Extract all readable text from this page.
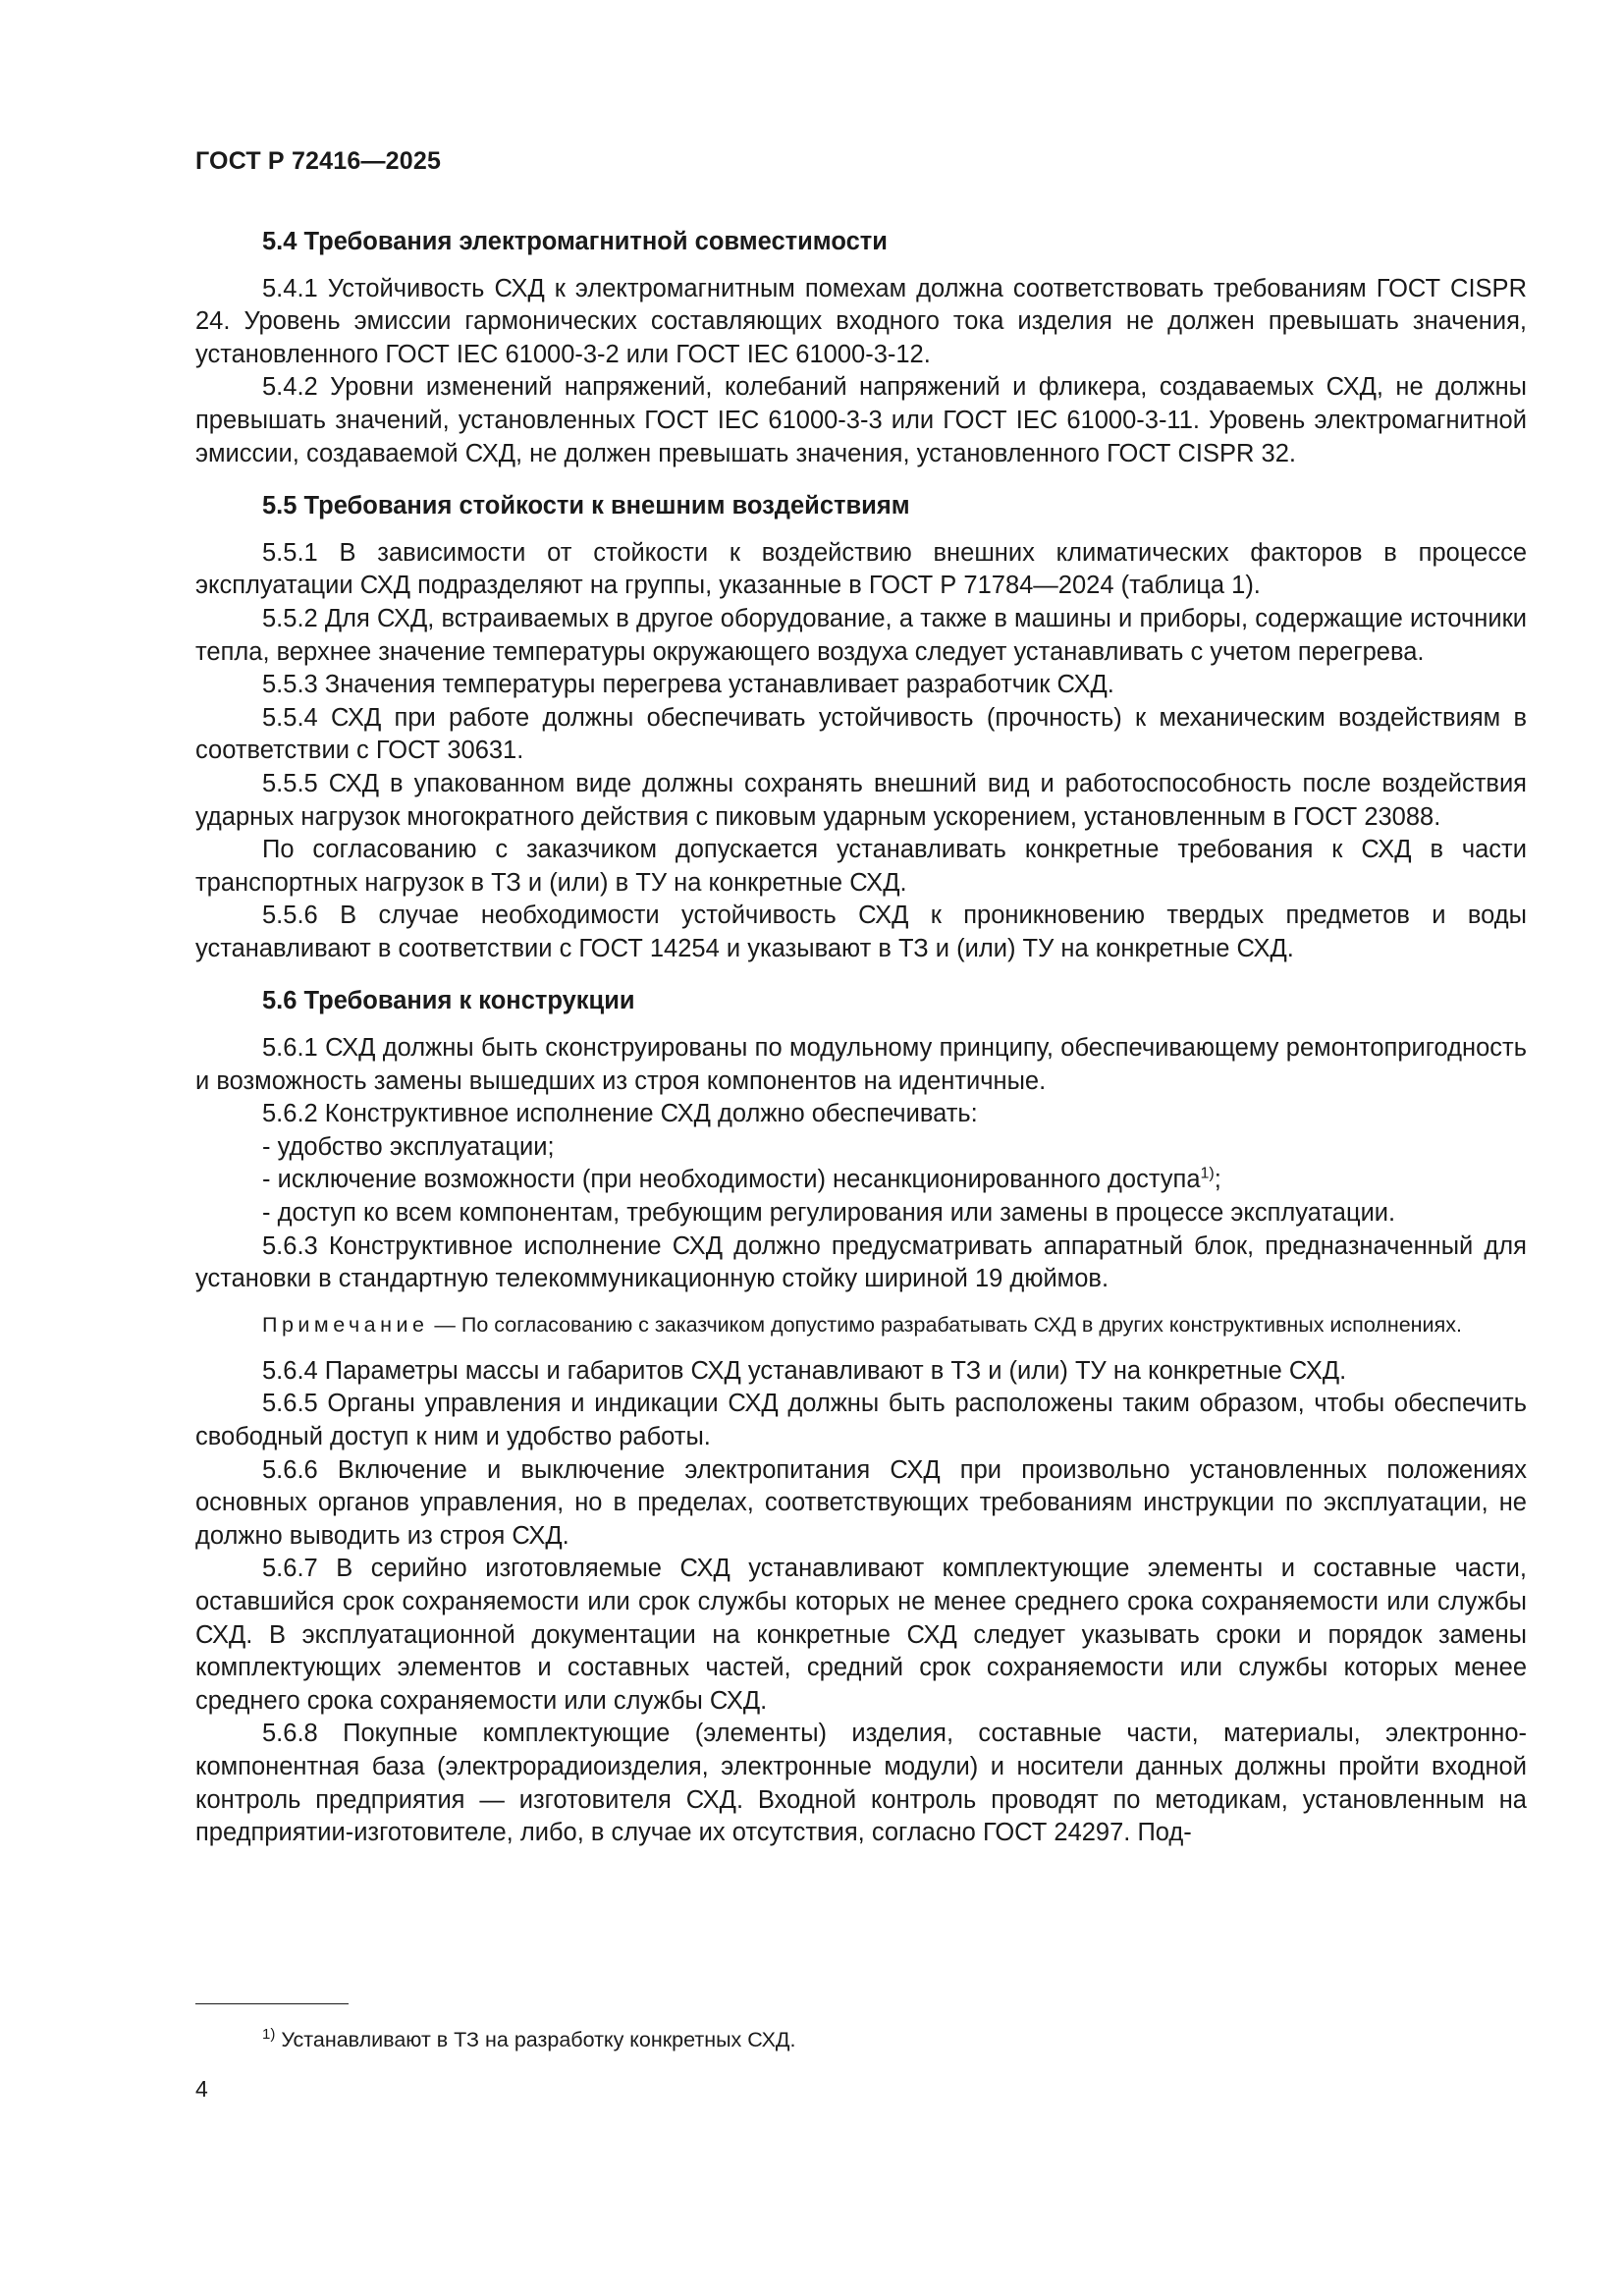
ГОСТ Р 72416—2025
5.4 Требования электромагнитной совместимости

5.4.1 Устойчивость СХД к электромагнитным помехам должна соответствовать требованиям ГОСТ CISPR 24. Уровень эмиссии гармонических составляющих входного тока изделия не должен превышать значения, установленного ГОСТ IEC 61000-3-2 или ГОСТ IEC 61000-3-12.

5.4.2 Уровни изменений напряжений, колебаний напряжений и фликера, создаваемых СХД, не должны превышать значений, установленных ГОСТ IEC 61000-3-3 или ГОСТ IEC 61000-3-11. Уровень электромагнитной эмиссии, создаваемой СХД, не должен превышать значения, установленного ГОСТ CISPR 32.

5.5 Требования стойкости к внешним воздействиям

5.5.1 В зависимости от стойкости к воздействию внешних климатических факторов в процессе эксплуатации СХД подразделяют на группы, указанные в ГОСТ Р 71784—2024 (таблица 1).

5.5.2 Для СХД, встраиваемых в другое оборудование, а также в машины и приборы, содержащие источники тепла, верхнее значение температуры окружающего воздуха следует устанавливать с учетом перегрева.

5.5.3 Значения температуры перегрева устанавливает разработчик СХД.

5.5.4 СХД при работе должны обеспечивать устойчивость (прочность) к механическим воздействиям в соответствии с ГОСТ 30631.

5.5.5 СХД в упакованном виде должны сохранять внешний вид и работоспособность после воздействия ударных нагрузок многократного действия с пиковым ударным ускорением, установленным в ГОСТ 23088.

По согласованию с заказчиком допускается устанавливать конкретные требования к СХД в части транспортных нагрузок в ТЗ и (или) в ТУ на конкретные СХД.

5.5.6 В случае необходимости устойчивость СХД к проникновению твердых предметов и воды устанавливают в соответствии с ГОСТ 14254 и указывают в ТЗ и (или) ТУ на конкретные СХД.

5.6 Требования к конструкции

5.6.1 СХД должны быть сконструированы по модульному принципу, обеспечивающему ремонтопригодность и возможность замены вышедших из строя компонентов на идентичные.

5.6.2 Конструктивное исполнение СХД должно обеспечивать:

- удобство эксплуатации;

- исключение возможности (при необходимости) несанкционированного доступа$^{1)}$;

- доступ ко всем компонентам, требующим регулирования или замены в процессе эксплуатации.

5.6.3 Конструктивное исполнение СХД должно предусматривать аппаратный блок, предназначенный для установки в стандартную телекоммуникационную стойку шириной 19 дюймов.

Примечание — По согласованию с заказчиком допустимо разрабатывать СХД в других конструктивных исполнениях.

5.6.4 Параметры массы и габаритов СХД устанавливают в ТЗ и (или) ТУ на конкретные СХД.

5.6.5 Органы управления и индикации СХД должны быть расположены таким образом, чтобы обеспечить свободный доступ к ним и удобство работы.

5.6.6 Включение и выключение электропитания СХД при произвольно установленных положениях основных органов управления, но в пределах, соответствующих требованиям инструкции по эксплуатации, не должно выводить из строя СХД.

5.6.7 В серийно изготовляемые СХД устанавливают комплектующие элементы и составные части, оставшийся срок сохраняемости или срок службы которых не менее среднего срока сохраняемости или службы СХД. В эксплуатационной документации на конкретные СХД следует указывать сроки и порядок замены комплектующих элементов и составных частей, средний срок сохраняемости или службы которых менее среднего срока сохраняемости или службы СХД.

5.6.8 Покупные комплектующие (элементы) изделия, составные части, материалы, электронно-компонентная база (электрорадиоизделия, электронные модули) и носители данных должны пройти входной контроль предприятия — изготовителя СХД. Входной контроль проводят по методикам, установленным на предприятии-изготовителе, либо, в случае их отсутствия, согласно ГОСТ 24297. Под-

$^{1)}$ Устанавливают в ТЗ на разработку конкретных СХД.
4
